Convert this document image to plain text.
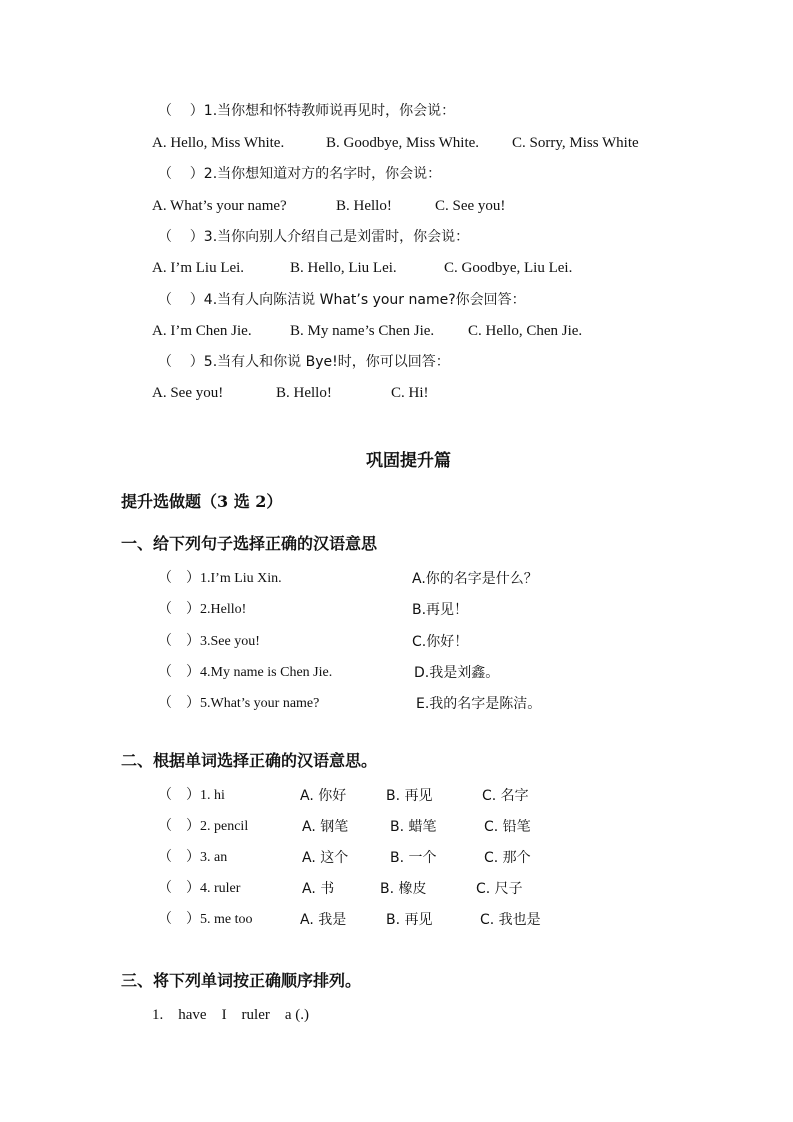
（    ）1.当你想和怀特教师说再见时，你会说：
A. Hello, Miss White.	B. Goodbye, Miss White. C. Sorry, Miss White
（    ）2.当你想知道对方的名字时，你会说：
A. What’s your name?	B. Hello!	C. See you!
（    ）3.当你向别人介绍自己是刘雷时，你会说：
A. I’m Liu Lei.	B. Hello, Liu Lei.	C. Goodbye, Liu Lei.
（    ）4.当有人向陈洁说 What’s your name?你会回答：
A. I’m Chen Jie.	B. My name’s Chen Jie. C. Hello, Chen Jie.
（    ）5.当有人和你说 Bye!时，你可以回答：
A. See you!	B. Hello!	C. Hi!
巩固提升篇
提升选做题（3 选 2）
一、给下列句子选择正确的汉语意思
（    ）1.I’m Liu Xin.	A.你的名字是什么？
（    ）2.Hello!	B.再见！
（    ）3.See you!	C.你好！
（    ）4.My name is Chen Jie.	D.我是刘鑫。
（    ）5.What’s your name?	E.我的名字是陈洁。
二、根据单词选择正确的汉语意思。
（    ）1. hi	A. 你好	B. 再见	C. 名字
（    ）2. pencil	A. 钢笔	B. 蜡笔	C. 铅笔
（    ）3. an	A. 这个	B. 一个	C. 那个
（    ）4. ruler	A. 书	B. 橡皮	C. 尺子
（    ）5. me too	A. 我是	B. 再见	C. 我也是
三、将下列单词按正确顺序排列。
1.    have    I    ruler    a (.)
